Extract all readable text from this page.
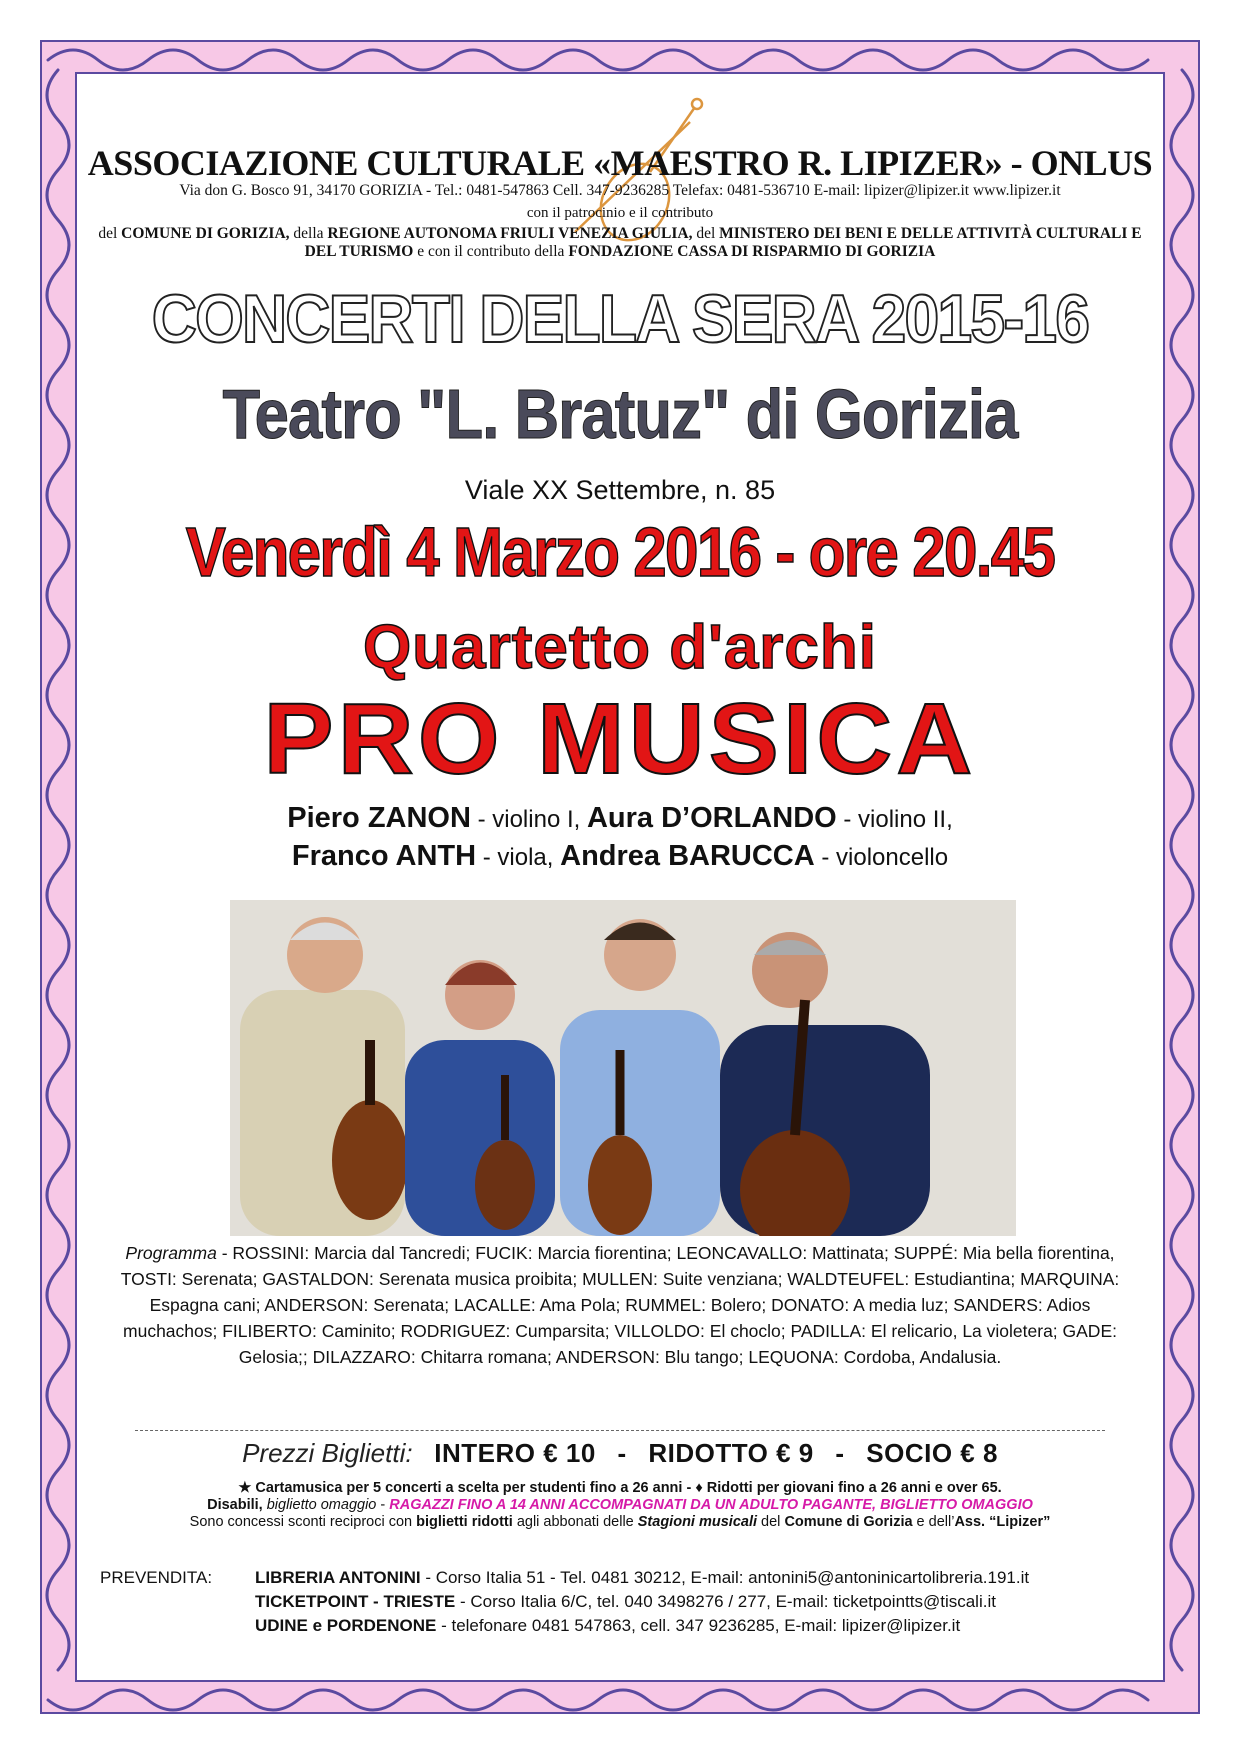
ASSOCIAZIONE CULTURALE «MAESTRO R. LIPIZER» - ONLUS
Via don G. Bosco 91, 34170 GORIZIA - Tel.: 0481-547863 Cell. 347-9236285 Telefax: 0481-536710 E-mail: lipizer@lipizer.it www.lipizer.it
con il patrocinio e il contributo
del COMUNE DI GORIZIA, della REGIONE AUTONOMA FRIULI VENEZIA GIULIA, del MINISTERO DEI BENI E DELLE ATTIVITÀ CULTURALI E DEL TURISMO e con il contributo della FONDAZIONE CASSA DI RISPARMIO DI GORIZIA
CONCERTI DELLA SERA 2015-16
Teatro "L. Bratuz" di Gorizia
Viale XX Settembre, n. 85
Venerdì 4 Marzo 2016 - ore 20.45
Quartetto d'archi
PRO MUSICA
Piero ZANON - violino I, Aura D’ORLANDO - violino II,
Franco ANTH - viola, Andrea BARUCCA - violoncello
Programma - ROSSINI: Marcia dal Tancredi; FUCIK: Marcia fiorentina; LEONCAVALLO: Mattinata; SUPPÉ: Mia bella fiorentina, TOSTI: Serenata; GASTALDON: Serenata musica proibita; MULLEN: Suite venziana; WALDTEUFEL: Estudiantina; MARQUINA: Espagna cani; ANDERSON: Serenata; LACALLE: Ama Pola; RUMMEL: Bolero; DONATO: A media luz; SANDERS: Adios muchachos; FILIBERTO: Caminito; RODRIGUEZ: Cumparsita; VILLOLDO: El choclo; PADILLA: El relicario, La violetera; GADE: Gelosia;; DILAZZARO: Chitarra romana; ANDERSON: Blu tango; LEQUONA: Cordoba, Andalusia.
Prezzi Biglietti: INTERO € 10 - RIDOTTO € 9 - SOCIO € 8
★ Cartamusica per 5 concerti a scelta per studenti fino a 26 anni - ♦ Ridotti per giovani fino a 26 anni e over 65.
Disabili, biglietto omaggio - RAGAZZI FINO A 14 ANNI ACCOMPAGNATI DA UN ADULTO PAGANTE, BIGLIETTO OMAGGIO
Sono concessi sconti reciproci con biglietti ridotti agli abbonati delle Stagioni musicali del Comune di Gorizia e dell’Ass. “Lipizer”
PREVENDITA:	LIBRERIA ANTONINI - Corso Italia 51 - Tel. 0481 30212, E-mail: antonini5@antoninicartolibreria.191.it
TICKETPOINT - TRIESTE - Corso Italia 6/C, tel. 040 3498276 / 277, E-mail: ticketpointts@tiscali.it
UDINE e PORDENONE - telefonare 0481 547863, cell. 347 9236285, E-mail: lipizer@lipizer.it
